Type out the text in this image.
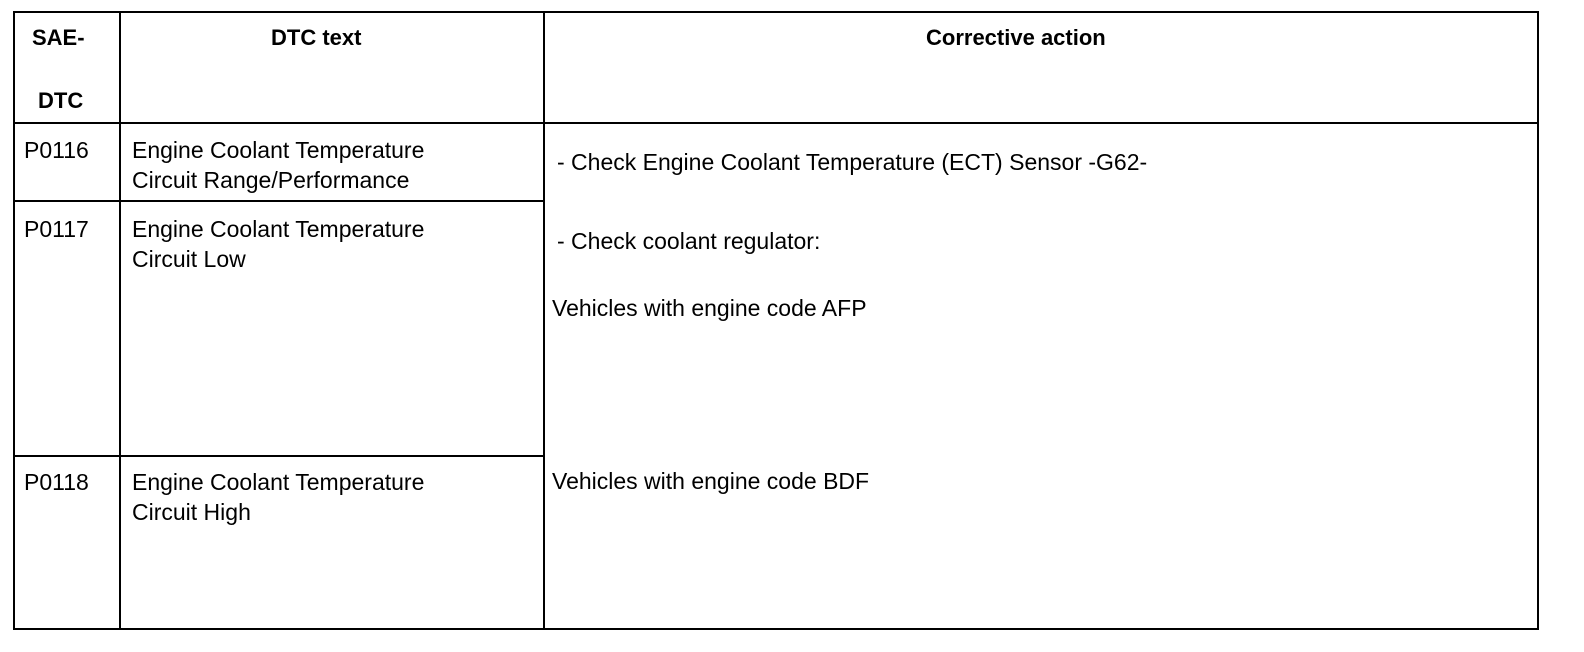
SAE-
DTC
DTC text	Corrective action
P0116 Engine Coolant Temperature
Circuit Range/Performance
P0117 Engine Coolant Temperature
Circuit Low
P0118 Engine Coolant Temperature
Circuit High
- Check Engine Coolant Temperature (ECT) Sensor -G62-
- Check coolant regulator:
Vehicles with engine code AFP
Vehicles with engine code BDF
